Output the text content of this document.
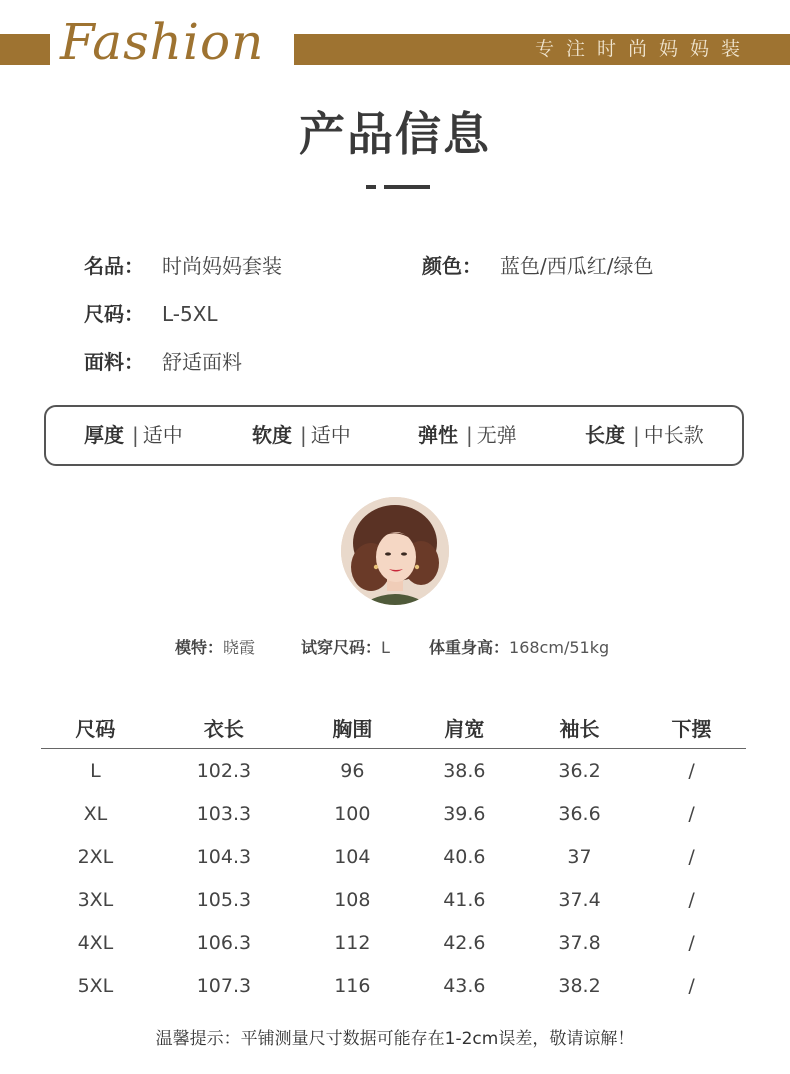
Fashion	专注时尚妈妈装
产品信息
名品： 时尚妈妈套装	颜色： 蓝色/西瓜红/绿色
尺码： L-5XL
面料： 舒适面料
厚度 | 适中	软度 | 适中	弹性 | 无弹	长度 | 中长款
模特：晓霞	试穿尺码：L 体重身高：168cm/51kg
尺码	衣长	胸围	肩宽	袖长	下摆
L	102.3	96	38.6	36.2	/
XL	103.3	100	39.6	36.6	/
2XL	104.3	104	40.6	37	/
3XL	105.3	108	41.6	37.4	/
4XL	106.3	112	42.6	37.8	/
5XL	107.3	116	43.6	38.2	/
温馨提示：平铺测量尺寸数据可能存在1-2cm误差，敬请谅解！
